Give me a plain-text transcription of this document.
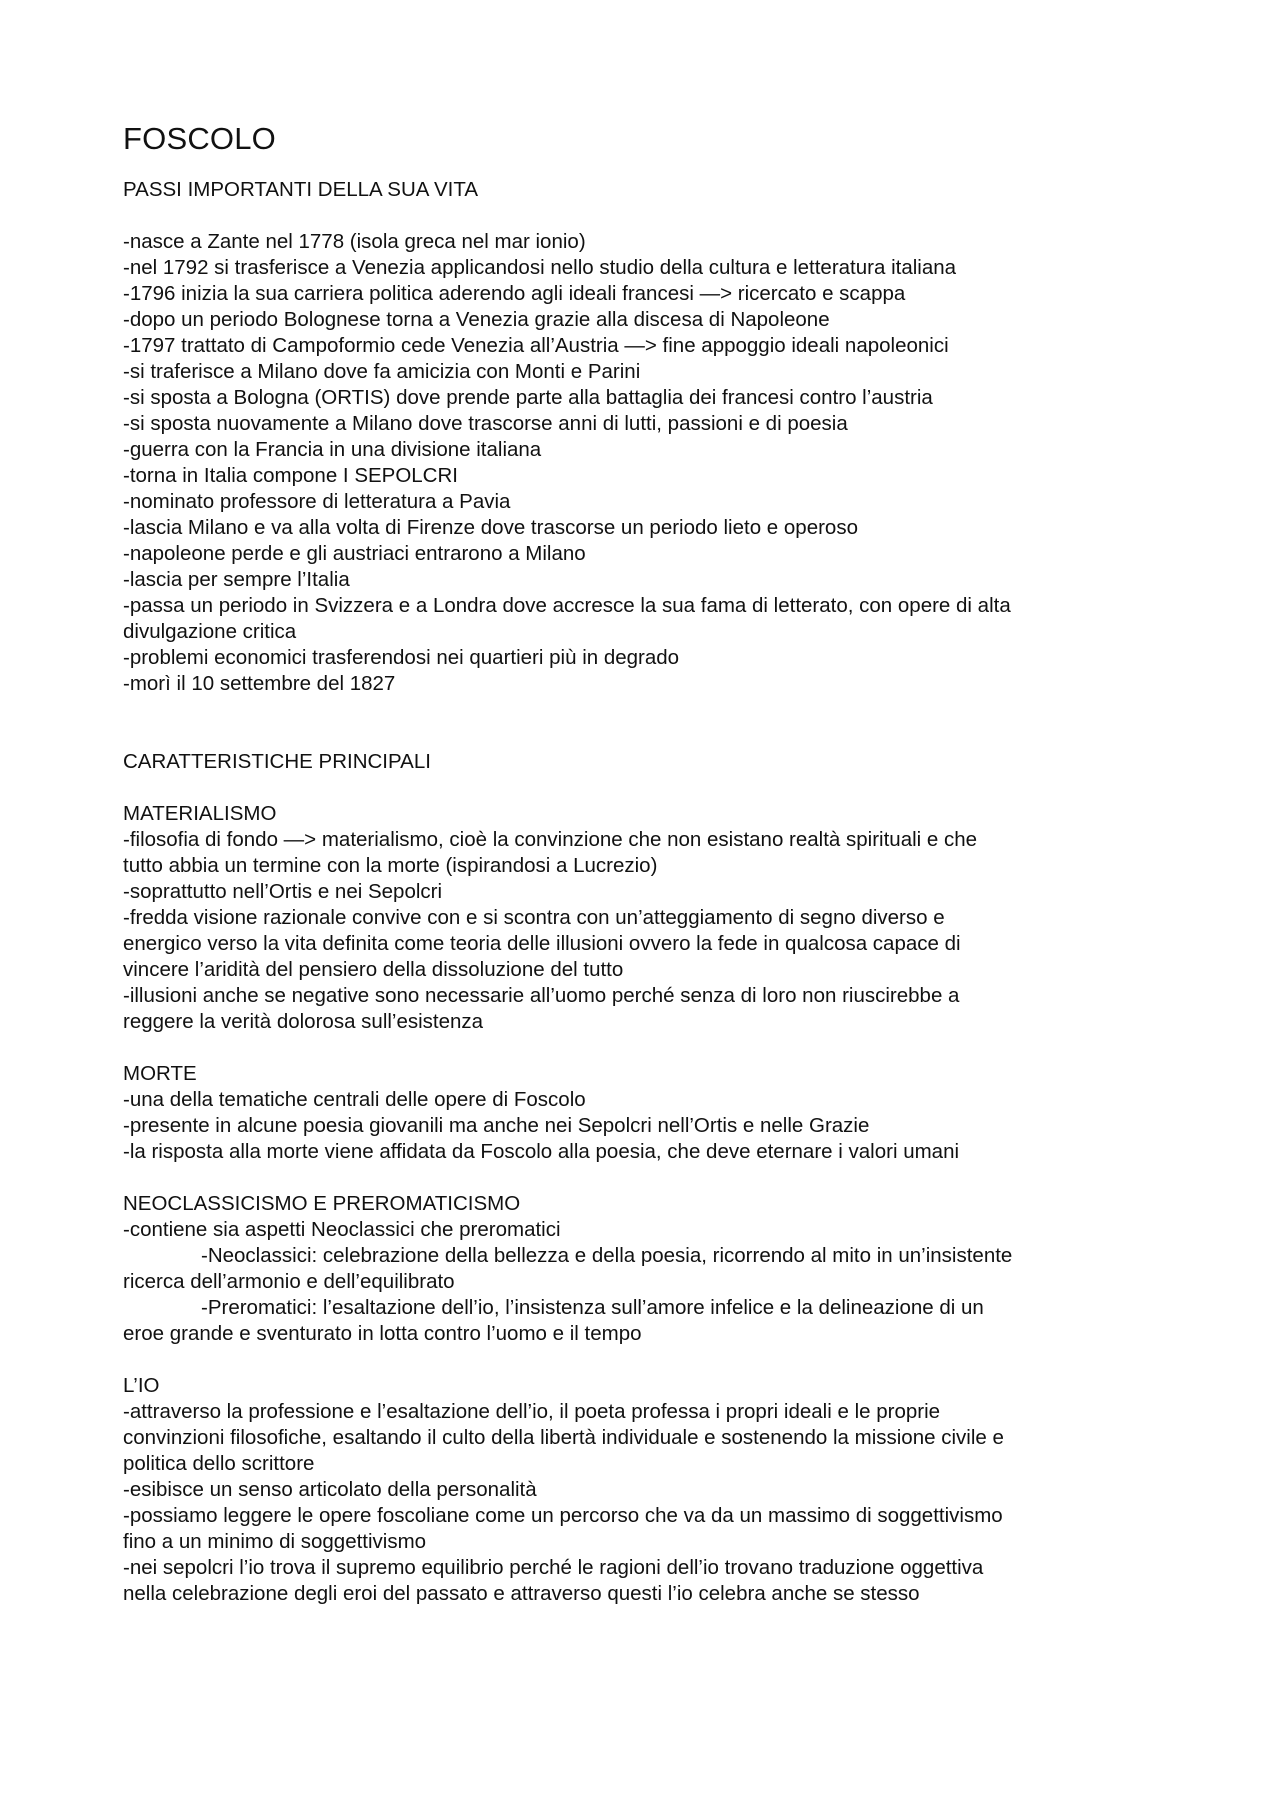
FOSCOLO

PASSI IMPORTANTI DELLA SUA VITA

-nasce a Zante nel 1778 (isola greca nel mar ionio)

-nel 1792 si trasferisce a Venezia applicandosi nello studio della cultura e letteratura italiana

-1796 inizia la sua carriera politica aderendo agli ideali francesi —> ricercato e scappa

-dopo un periodo Bolognese torna a Venezia grazie alla discesa di Napoleone

-1797 trattato di Campoformio cede Venezia all’Austria —> fine appoggio ideali napoleonici

-si traferisce a Milano dove fa amicizia con Monti e Parini

-si sposta a Bologna (ORTIS) dove prende parte alla battaglia dei francesi contro l’austria

-si sposta nuovamente a Milano dove trascorse anni di lutti, passioni e di poesia

-guerra con la Francia in una divisione italiana

-torna in Italia compone I SEPOLCRI

-nominato professore di letteratura a Pavia

-lascia Milano e va alla volta di Firenze dove trascorse un periodo lieto e operoso

-napoleone perde e gli austriaci entrarono a Milano

-lascia per sempre l’Italia

-passa un periodo in Svizzera e a Londra dove accresce la sua fama di letterato, con opere di alta

divulgazione critica

-problemi economici trasferendosi nei quartieri più in degrado

-morì il 10 settembre del 1827

CARATTERISTICHE PRINCIPALI

MATERIALISMO

-filosofia di fondo —> materialismo, cioè la convinzione che non esistano realtà spirituali e che

tutto abbia un termine con la morte (ispirandosi a Lucrezio)

-soprattutto nell’Ortis e nei Sepolcri

-fredda visione razionale convive con e si scontra con un’atteggiamento di segno diverso e

energico verso la vita definita come teoria delle illusioni ovvero la fede in qualcosa capace di

vincere l’aridità del pensiero della dissoluzione del tutto

-illusioni anche se negative sono necessarie all’uomo perché senza di loro non riuscirebbe a

reggere la verità dolorosa sull’esistenza

MORTE

-una della tematiche centrali delle opere di Foscolo

-presente in alcune poesia giovanili ma anche nei Sepolcri nell’Ortis e nelle Grazie

-la risposta alla morte viene affidata da Foscolo alla poesia, che deve eternare i valori umani

NEOCLASSICISMO E PREROMATICISMO

-contiene sia aspetti Neoclassici che preromatici

-Neoclassici: celebrazione della bellezza e della poesia, ricorrendo al mito in un’insistente

ricerca dell’armonio e dell’equilibrato

-Preromatici: l’esaltazione dell’io, l’insistenza sull’amore infelice e la delineazione di un

eroe grande e sventurato in lotta contro l’uomo e il tempo

L’IO

-attraverso la professione e l’esaltazione dell’io, il poeta professa i propri ideali e le proprie

convinzioni filosofiche, esaltando il culto della libertà individuale e sostenendo la missione civile e

politica dello scrittore

-esibisce un senso articolato della personalità

-possiamo leggere le opere foscoliane come un percorso che va da un massimo di soggettivismo

fino a un minimo di soggettivismo

-nei sepolcri l’io trova il supremo equilibrio perché le ragioni dell’io trovano traduzione oggettiva

nella celebrazione degli eroi del passato e attraverso questi l’io celebra anche se stesso
